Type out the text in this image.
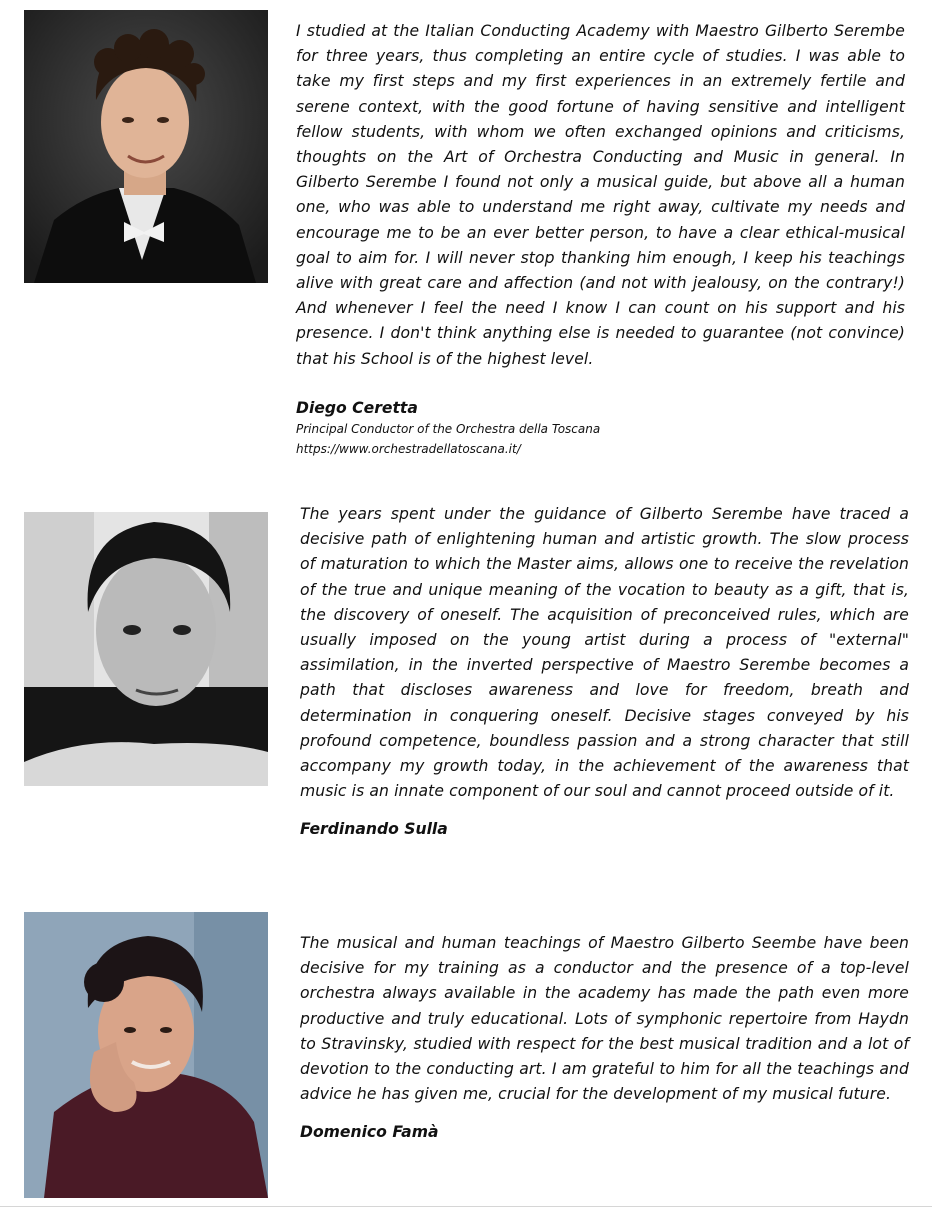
I studied at the Italian Conducting Academy with Maestro Gilberto Serembe for three years, thus completing an entire cycle of studies. I was able to take my first steps and my first experiences in an extremely fertile and serene context, with the good fortune of having sensitive and intelligent fellow students, with whom we often exchanged opinions and criticisms, thoughts on the Art of Orchestra Conducting and Music in general. In Gilberto Serembe I found not only a musical guide, but above all a human one, who was able to understand me right away, cultivate my needs and encourage me to be an ever better person, to have a clear ethical-musical goal to aim for. I will never stop thanking him enough, I keep his teachings alive with great care and affection (and not with jealousy, on the contrary!) And whenever I feel the need I know I can count on his support and his presence. I don't think anything else is needed to guarantee (not convince) that his School is of the highest level.

Diego Ceretta

Principal Conductor of the Orchestra della Toscana

https://www.orchestradellatoscana.it/

The years spent under the guidance of Gilberto Serembe have traced a decisive path of enlightening human and artistic growth. The slow process of maturation to which the Master aims, allows one to receive the revelation of the true and unique meaning of the vocation to beauty as a gift, that is, the discovery of oneself. The acquisition of preconceived rules, which are usually imposed on the young artist during a process of "external" assimilation, in the inverted perspective of Maestro Serembe becomes a path that discloses awareness and love for freedom, breath and determination in conquering oneself. Decisive stages conveyed by his profound competence, boundless passion and a strong character that still accompany my growth today, in the achievement of the awareness that music is an innate component of our soul and cannot proceed outside of it.

Ferdinando Sulla

The musical and human teachings of Maestro Gilberto Seembe have been decisive for my training as a conductor and the presence of a top-level orchestra always available in the academy has made the path even more productive and truly educational. Lots of symphonic repertoire from Haydn to Stravinsky, studied with respect for the best musical tradition and a lot of devotion to the conducting art. I am grateful to him for all the teachings and advice he has given me, crucial for the development of my musical future.

Domenico Famà
